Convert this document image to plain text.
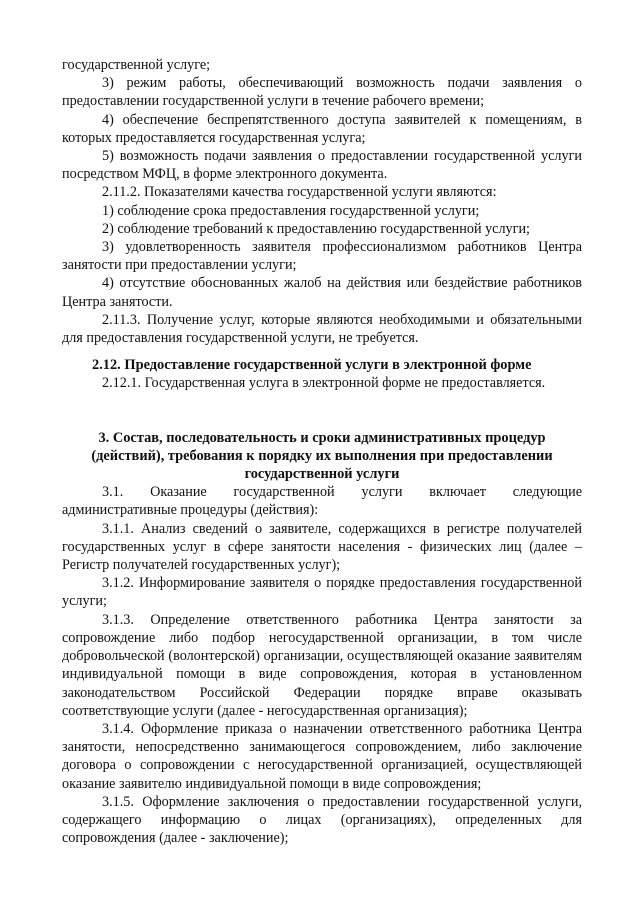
государственной услуге;

3) режим работы, обеспечивающий возможность подачи заявления о предоставлении государственной услуги в течение рабочего времени;

4) обеспечение беспрепятственного доступа заявителей к помещениям, в которых предоставляется государственная услуга;

5) возможность подачи заявления о предоставлении государственной услуги посредством МФЦ, в форме электронного документа.

2.11.2. Показателями качества государственной услуги являются:

1) соблюдение срока предоставления государственной услуги;

2) соблюдение требований к предоставлению государственной услуги;

3) удовлетворенность заявителя профессионализмом работников Центра занятости при предоставлении услуги;

4) отсутствие обоснованных жалоб на действия или бездействие работников Центра занятости.

2.11.3. Получение услуг, которые являются необходимыми и обязательными для предоставления государственной услуги, не требуется.

2.12. Предоставление государственной услуги в электронной форме

2.12.1. Государственная услуга в электронной форме не предоставляется.

3. Состав, последовательность и сроки административных процедур (действий), требования к порядку их выполнения при предоставлении государственной услуги

3.1. Оказание государственной услуги включает следующие административные процедуры (действия):

3.1.1. Анализ сведений о заявителе, содержащихся в регистре получателей государственных услуг в сфере занятости населения - физических лиц (далее – Регистр получателей государственных услуг);

3.1.2. Информирование заявителя о порядке предоставления государственной услуги;

3.1.3. Определение ответственного работника Центра занятости за сопровождение либо подбор негосударственной организации, в том числе добровольческой (волонтерской) организации, осуществляющей оказание заявителям индивидуальной помощи в виде сопровождения, которая в установленном законодательством Российской Федерации порядке вправе оказывать соответствующие услуги (далее - негосударственная организация);

3.1.4. Оформление приказа о назначении ответственного работника Центра занятости, непосредственно занимающегося сопровождением, либо заключение договора о сопровождении с негосударственной организацией, осуществляющей оказание заявителю индивидуальной помощи в виде сопровождения;

3.1.5. Оформление заключения о предоставлении государственной услуги, содержащего информацию о лицах (организациях), определенных для сопровождения (далее - заключение);
